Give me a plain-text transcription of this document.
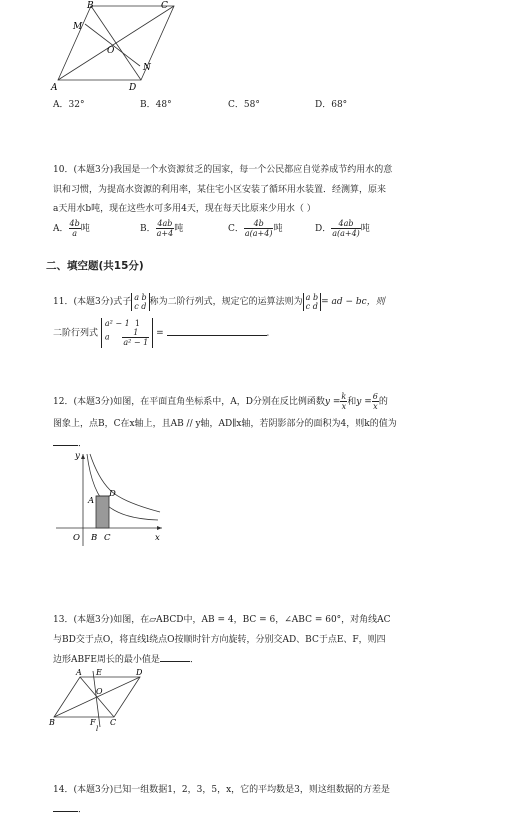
B	C
M
O
N
A	D
A．32°	B．48°	C．58°	D．68°
10．(本题3分)我国是一个水资源贫乏的国家，每一个公民都应自觉养成节约用水的意
识和习惯，为提高水资源的利用率，某住宅小区安装了循环用水装置．经测算，原来
a天用水b吨，现在这些水可多用4天，现在每天比原来少用水（ ）
A． $\frac{4b}{a}$ 吨	B． $\frac{4ab}{a+4}$ 吨	C． $\frac{4b}{a(a+4)}$ 吨	D． $\frac{4ab}{a(a+4)}$ 吨
二、填空题(共15分)
11．(本题3分)式子 a b
c d 称为二阶行列式，规定它的运算法则为 a b
c d = ad − bc，则
二阶行列式 a² − 1 1
a $\frac{1}{\text{a² − 1}}$ =	．
12．(本题3分)如图，在平面直角坐标系中，A，D分别在反比例函数$y = \frac{k}{x}$ 和$y = \frac{6}{x}$ 的
图象上，点B，C在x轴上，且AB // y轴，AD∥x轴，若阴影部分的面积为4，则k的值为
．
y
A
D
O B C	x
13．(本题3分)如图，在▱ABCD中，AB = 4，BC = 6，∠ABC = 60°，对角线AC
与BD交于点O，将直线l绕点O按顺时针方向旋转，分别交AD、BC于点E、F，则四
边形ABFE周长的最小值是	．
A E	D
O
B	F C
l
14．(本题3分)已知一组数据1，2，3，5，x，它的平均数是3，则这组数据的方差是
．
